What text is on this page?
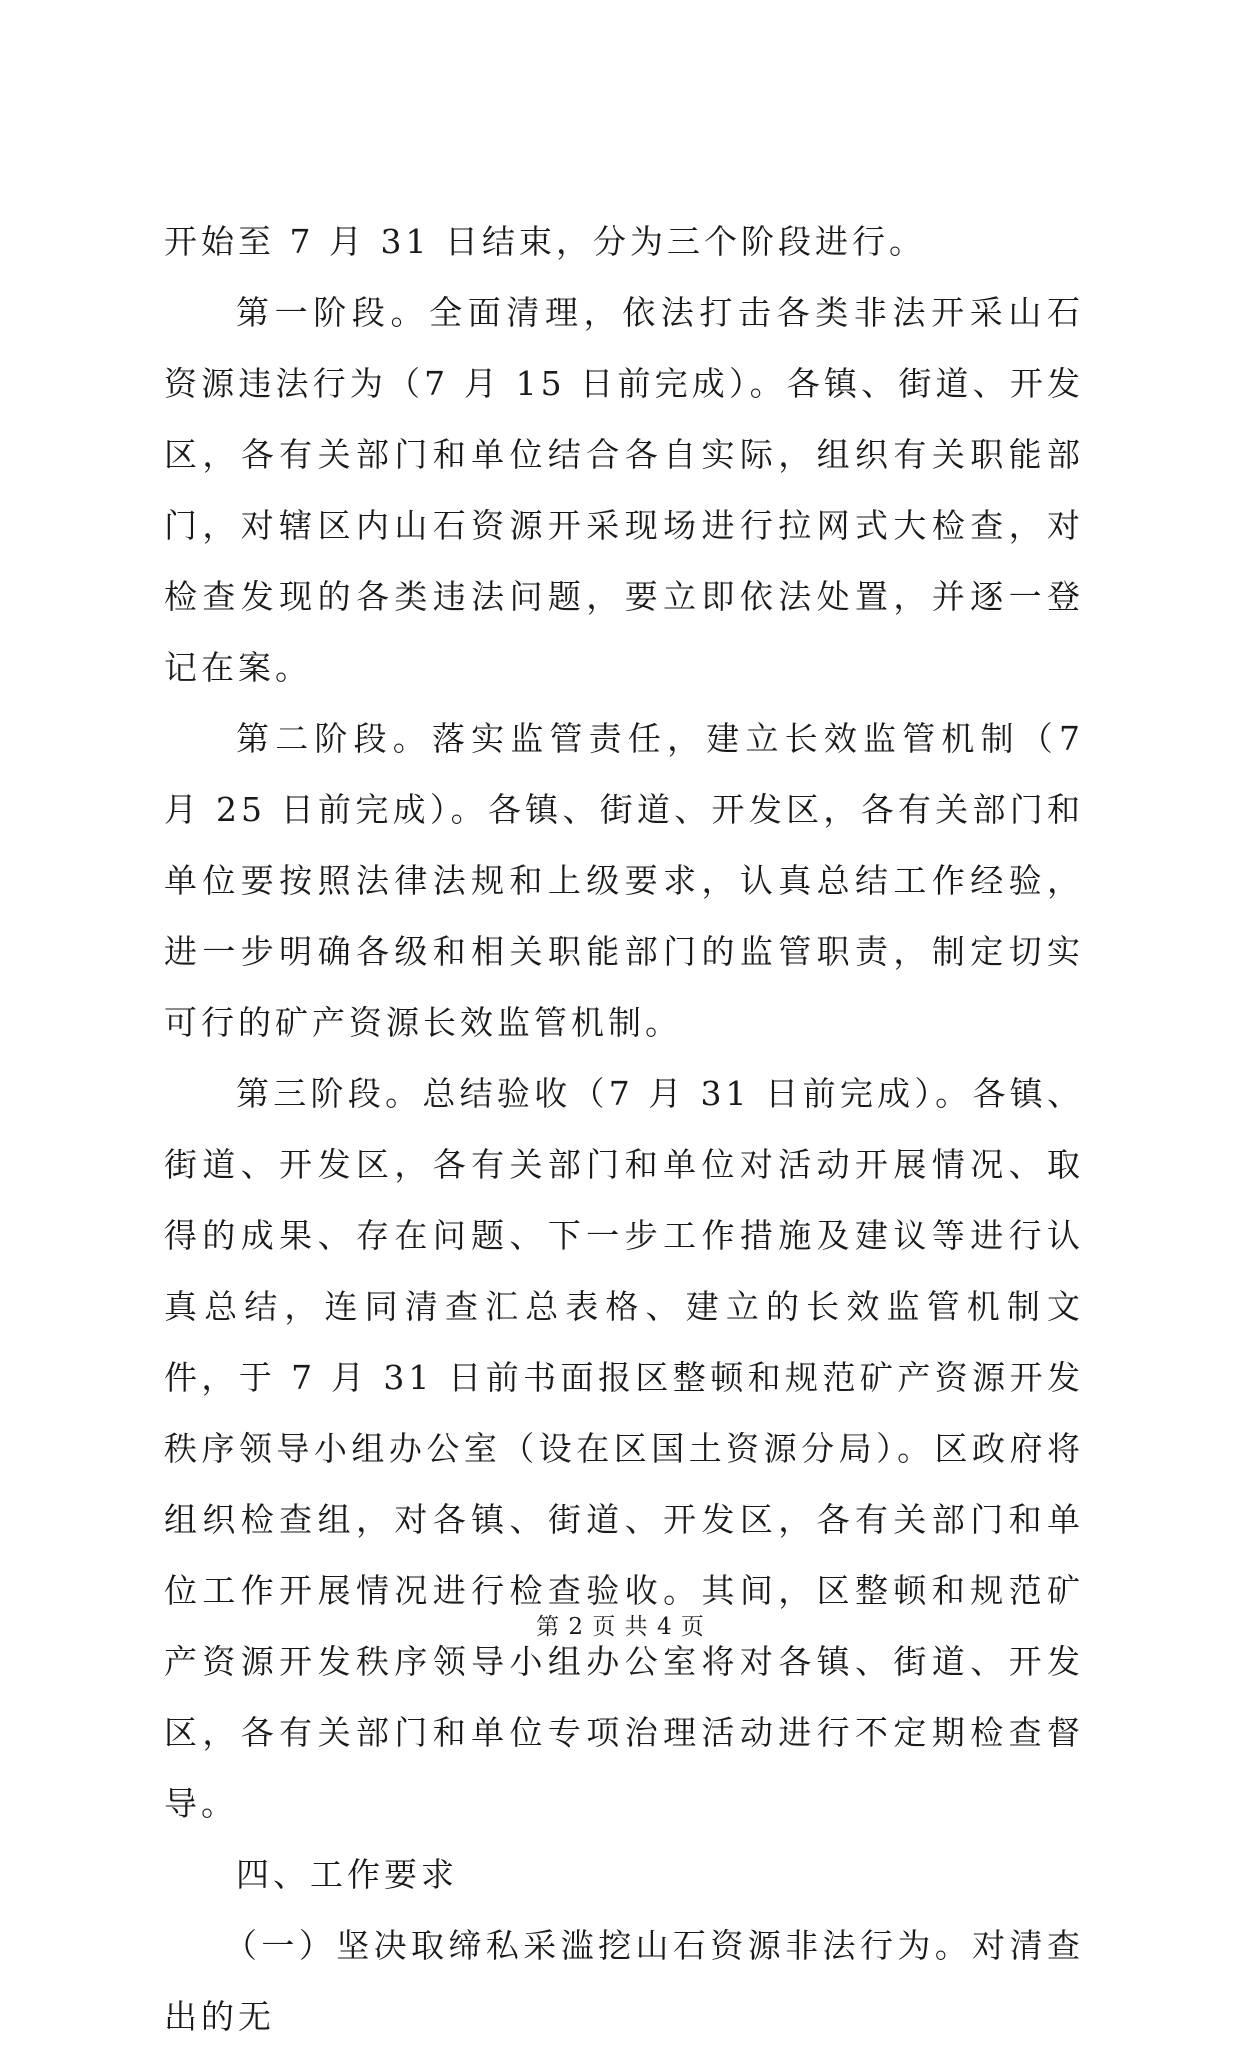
开始至 7 月 31 日结束，分为三个阶段进行。

第一阶段。全面清理，依法打击各类非法开采山石资源违法行为（7 月 15 日前完成）。各镇、街道、开发区，各有关部门和单位结合各自实际，组织有关职能部门，对辖区内山石资源开采现场进行拉网式大检查，对检查发现的各类违法问题，要立即依法处置，并逐一登记在案。

第二阶段。落实监管责任，建立长效监管机制（7 月 25 日前完成）。各镇、街道、开发区，各有关部门和单位要按照法律法规和上级要求，认真总结工作经验，进一步明确各级和相关职能部门的监管职责，制定切实可行的矿产资源长效监管机制。

第三阶段。总结验收（7 月 31 日前完成）。各镇、街道、开发区，各有关部门和单位对活动开展情况、取得的成果、存在问题、下一步工作措施及建议等进行认真总结，连同清查汇总表格、建立的长效监管机制文件，于 7 月 31 日前书面报区整顿和规范矿产资源开发秩序领导小组办公室（设在区国土资源分局）。区政府将组织检查组，对各镇、街道、开发区，各有关部门和单位工作开展情况进行检查验收。其间，区整顿和规范矿产资源开发秩序领导小组办公室将对各镇、街道、开发区，各有关部门和单位专项治理活动进行不定期检查督导。

四、工作要求

（一）坚决取缔私采滥挖山石资源非法行为。对清查出的无

第 2 页 共 4 页
